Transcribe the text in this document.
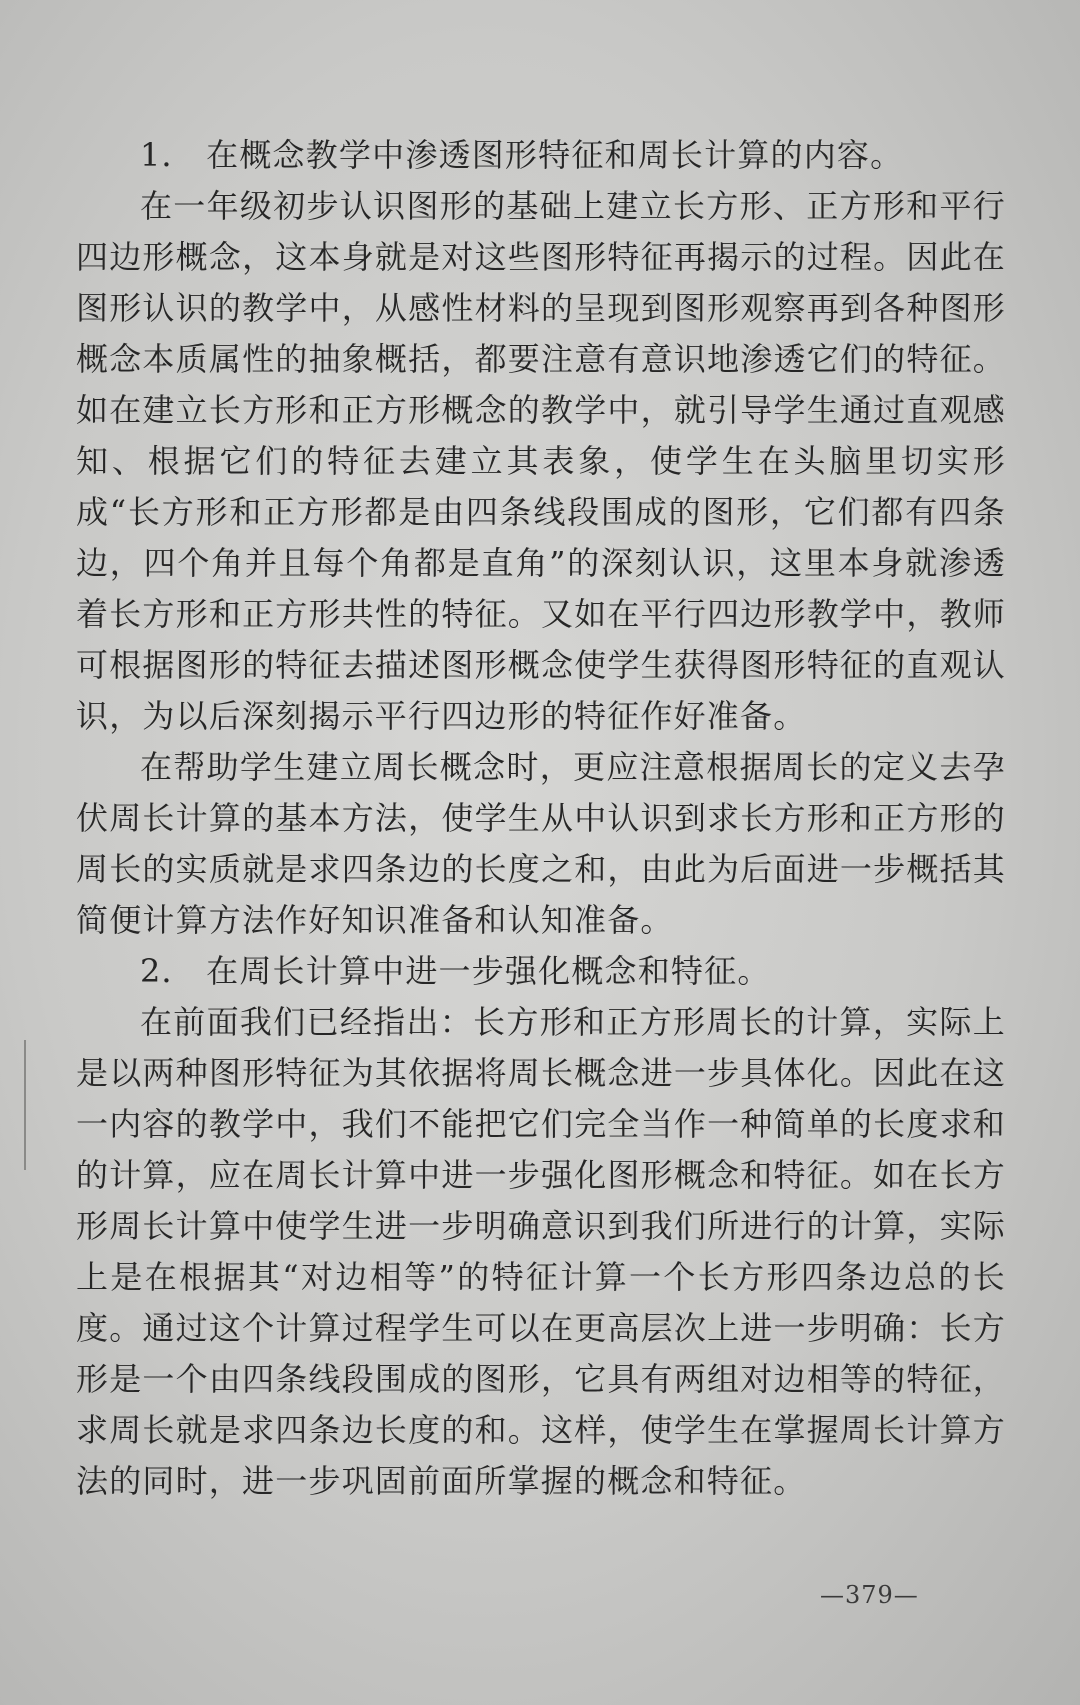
1． 在概念教学中渗透图形特征和周长计算的内容。

在一年级初步认识图形的基础上建立长方形、正方形和平行四边形概念，这本身就是对这些图形特征再揭示的过程。因此在图形认识的教学中，从感性材料的呈现到图形观察再到各种图形概念本质属性的抽象概括，都要注意有意识地渗透它们的特征。如在建立长方形和正方形概念的教学中，就引导学生通过直观感知、根据它们的特征去建立其表象，使学生在头脑里切实形成“长方形和正方形都是由四条线段围成的图形，它们都有四条边，四个角并且每个角都是直角”的深刻认识，这里本身就渗透着长方形和正方形共性的特征。又如在平行四边形教学中，教师可根据图形的特征去描述图形概念使学生获得图形特征的直观认识，为以后深刻揭示平行四边形的特征作好准备。

在帮助学生建立周长概念时，更应注意根据周长的定义去孕伏周长计算的基本方法，使学生从中认识到求长方形和正方形的周长的实质就是求四条边的长度之和，由此为后面进一步概括其简便计算方法作好知识准备和认知准备。

2． 在周长计算中进一步强化概念和特征。

在前面我们已经指出：长方形和正方形周长的计算，实际上是以两种图形特征为其依据将周长概念进一步具体化。因此在这一内容的教学中，我们不能把它们完全当作一种简单的长度求和的计算，应在周长计算中进一步强化图形概念和特征。如在长方形周长计算中使学生进一步明确意识到我们所进行的计算，实际上是在根据其“对边相等”的特征计算一个长方形四条边总的长度。通过这个计算过程学生可以在更高层次上进一步明确：长方形是一个由四条线段围成的图形，它具有两组对边相等的特征，求周长就是求四条边长度的和。这样，使学生在掌握周长计算方法的同时，进一步巩固前面所掌握的概念和特征。

—379—
